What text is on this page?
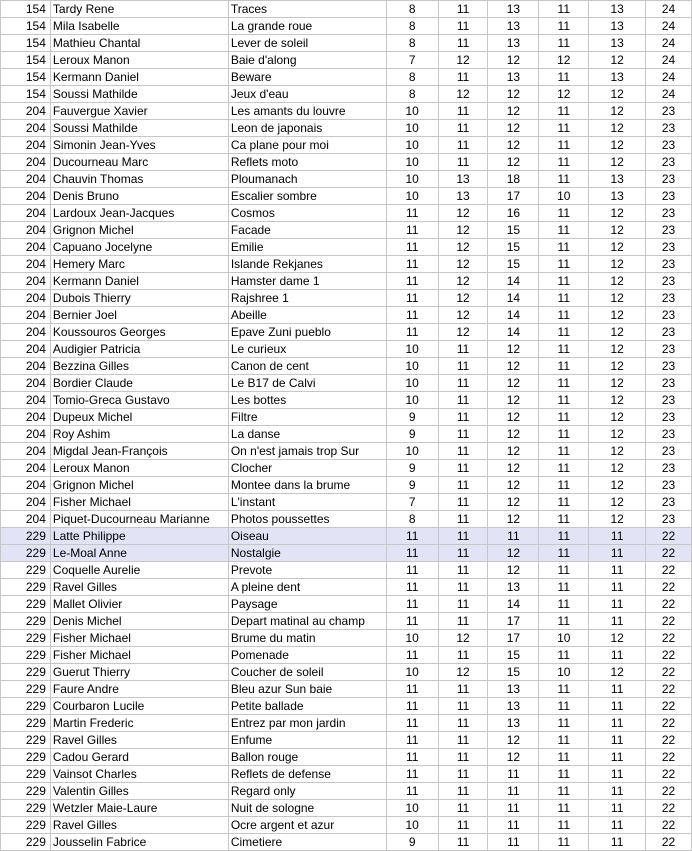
154	Tardy Rene	Traces	8	11	13	11	13	24
154	Mila Isabelle	La grande roue	8	11	13	11	13	24
154	Mathieu Chantal	Lever de soleil	8	11	13	11	13	24
154	Leroux Manon	Baie d'along	7	12	12	12	12	24
154	Kermann Daniel	Beware	8	11	13	11	13	24
154	Soussi Mathilde	Jeux d'eau	8	12	12	12	12	24
204	Fauvergue Xavier	Les amants du louvre	10	11	12	11	12	23
204	Soussi Mathilde	Leon de japonais	10	11	12	11	12	23
204	Simonin Jean-Yves	Ca plane pour moi	10	11	12	11	12	23
204	Ducourneau Marc	Reflets moto	10	11	12	11	12	23
204	Chauvin Thomas	Ploumanach	10	13	18	11	13	23
204	Denis Bruno	Escalier sombre	10	13	17	10	13	23
204	Lardoux Jean-Jacques	Cosmos	11	12	16	11	12	23
204	Grignon Michel	Facade	11	12	15	11	12	23
204	Capuano Jocelyne	Emilie	11	12	15	11	12	23
204	Hemery Marc	Islande Rekjanes	11	12	15	11	12	23
204	Kermann Daniel	Hamster dame 1	11	12	14	11	12	23
204	Dubois Thierry	Rajshree 1	11	12	14	11	12	23
204	Bernier Joel	Abeille	11	12	14	11	12	23
204	Koussouros Georges	Epave Zuni pueblo	11	12	14	11	12	23
204	Audigier Patricia	Le curieux	10	11	12	11	12	23
204	Bezzina Gilles	Canon de cent	10	11	12	11	12	23
204	Bordier Claude	Le B17 de Calvi	10	11	12	11	12	23
204	Tomio-Greca Gustavo	Les bottes	10	11	12	11	12	23
204	Dupeux Michel	Filtre	9	11	12	11	12	23
204	Roy Ashim	La danse	9	11	12	11	12	23
204	Migdal Jean-François	On n'est jamais trop Sur	10	11	12	11	12	23
204	Leroux Manon	Clocher	9	11	12	11	12	23
204	Grignon Michel	Montee dans la brume	9	11	12	11	12	23
204	Fisher Michael	L'instant	7	11	12	11	12	23
204	Piquet-Ducourneau Marianne	Photos poussettes	8	11	12	11	12	23
229	Latte Philippe	Oiseau	11	11	11	11	11	22
229	Le-Moal Anne	Nostalgie	11	11	12	11	11	22
229	Coquelle Aurelie	Prevote	11	11	12	11	11	22
229	Ravel Gilles	A pleine dent	11	11	13	11	11	22
229	Mallet Olivier	Paysage	11	11	14	11	11	22
229	Denis Michel	Depart matinal au champ	11	11	17	11	11	22
229	Fisher Michael	Brume du matin	10	12	17	10	12	22
229	Fisher Michael	Pomenade	11	11	15	11	11	22
229	Guerut Thierry	Coucher de soleil	10	12	15	10	12	22
229	Faure Andre	Bleu azur Sun baie	11	11	13	11	11	22
229	Courbaron Lucile	Petite ballade	11	11	13	11	11	22
229	Martin Frederic	Entrez par mon jardin	11	11	13	11	11	22
229	Ravel Gilles	Enfume	11	11	12	11	11	22
229	Cadou Gerard	Ballon rouge	11	11	12	11	11	22
229	Vainsot Charles	Reflets de defense	11	11	11	11	11	22
229	Valentin Gilles	Regard only	11	11	11	11	11	22
229	Wetzler Maie-Laure	Nuit de sologne	10	11	11	11	11	22
229	Ravel Gilles	Ocre argent et azur	10	11	11	11	11	22
229	Jousselin Fabrice	Cimetiere	9	11	11	11	11	22
